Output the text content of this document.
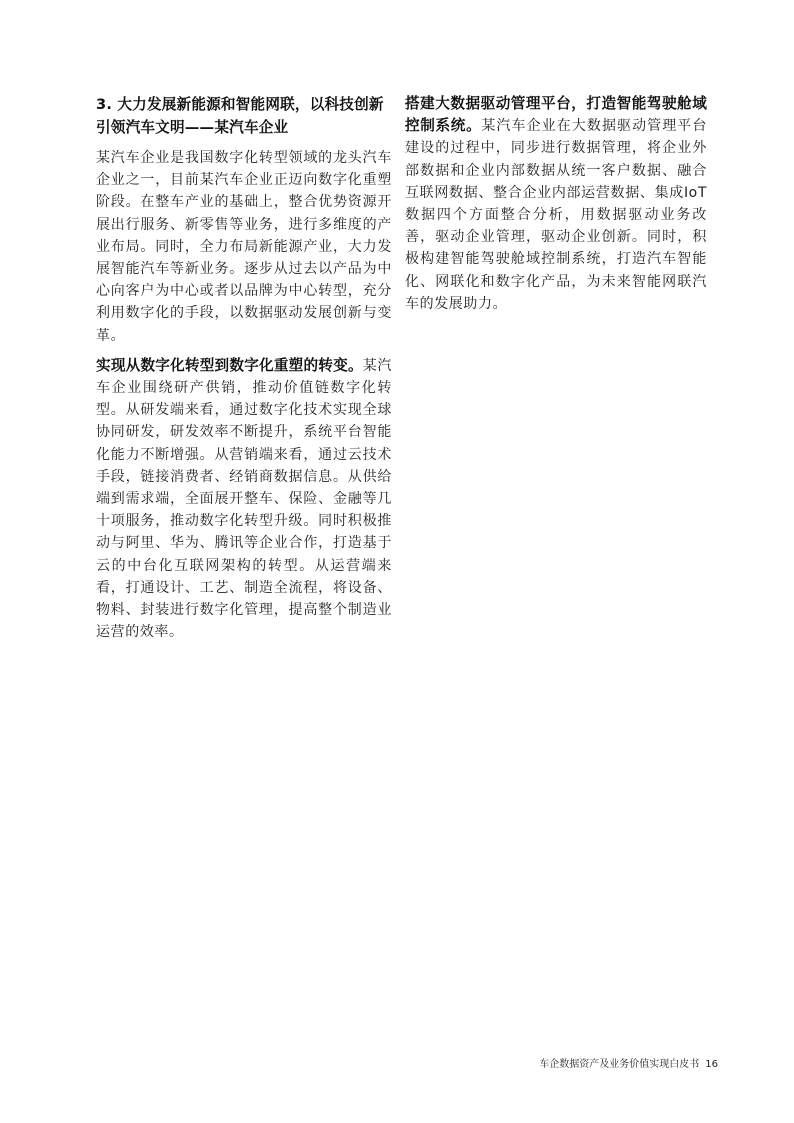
3. 大力发展新能源和智能网联，以科技创新引领汽车文明——某汽车企业

某汽车企业是我国数字化转型领域的龙头汽车企业之一，目前某汽车企业正迈向数字化重塑阶段。在整车产业的基础上，整合优势资源开展出行服务、新零售等业务，进行多维度的产业布局。同时，全力布局新能源产业，大力发展智能汽车等新业务。逐步从过去以产品为中心向客户为中心或者以品牌为中心转型，充分利用数字化的手段，以数据驱动发展创新与变革。

实现从数字化转型到数字化重塑的转变。某汽车企业围绕研产供销，推动价值链数字化转型。从研发端来看，通过数字化技术实现全球协同研发，研发效率不断提升，系统平台智能化能力不断增强。从营销端来看，通过云技术手段，链接消费者、经销商数据信息。从供给端到需求端，全面展开整车、保险、金融等几十项服务，推动数字化转型升级。同时积极推动与阿里、华为、腾讯等企业合作，打造基于云的中台化互联网架构的转型。从运营端来看，打通设计、工艺、制造全流程，将设备、物料、封装进行数字化管理，提高整个制造业运营的效率。

搭建大数据驱动管理平台，打造智能驾驶舱域控制系统。某汽车企业在大数据驱动管理平台建设的过程中，同步进行数据管理，将企业外部数据和企业内部数据从统一客户数据、融合互联网数据、整合企业内部运营数据、集成IoT数据四个方面整合分析，用数据驱动业务改善，驱动企业管理，驱动企业创新。同时，积极构建智能驾驶舱域控制系统，打造汽车智能化、网联化和数字化产品，为未来智能网联汽车的发展助力。

车企数据资产及业务价值实现白皮书 16
